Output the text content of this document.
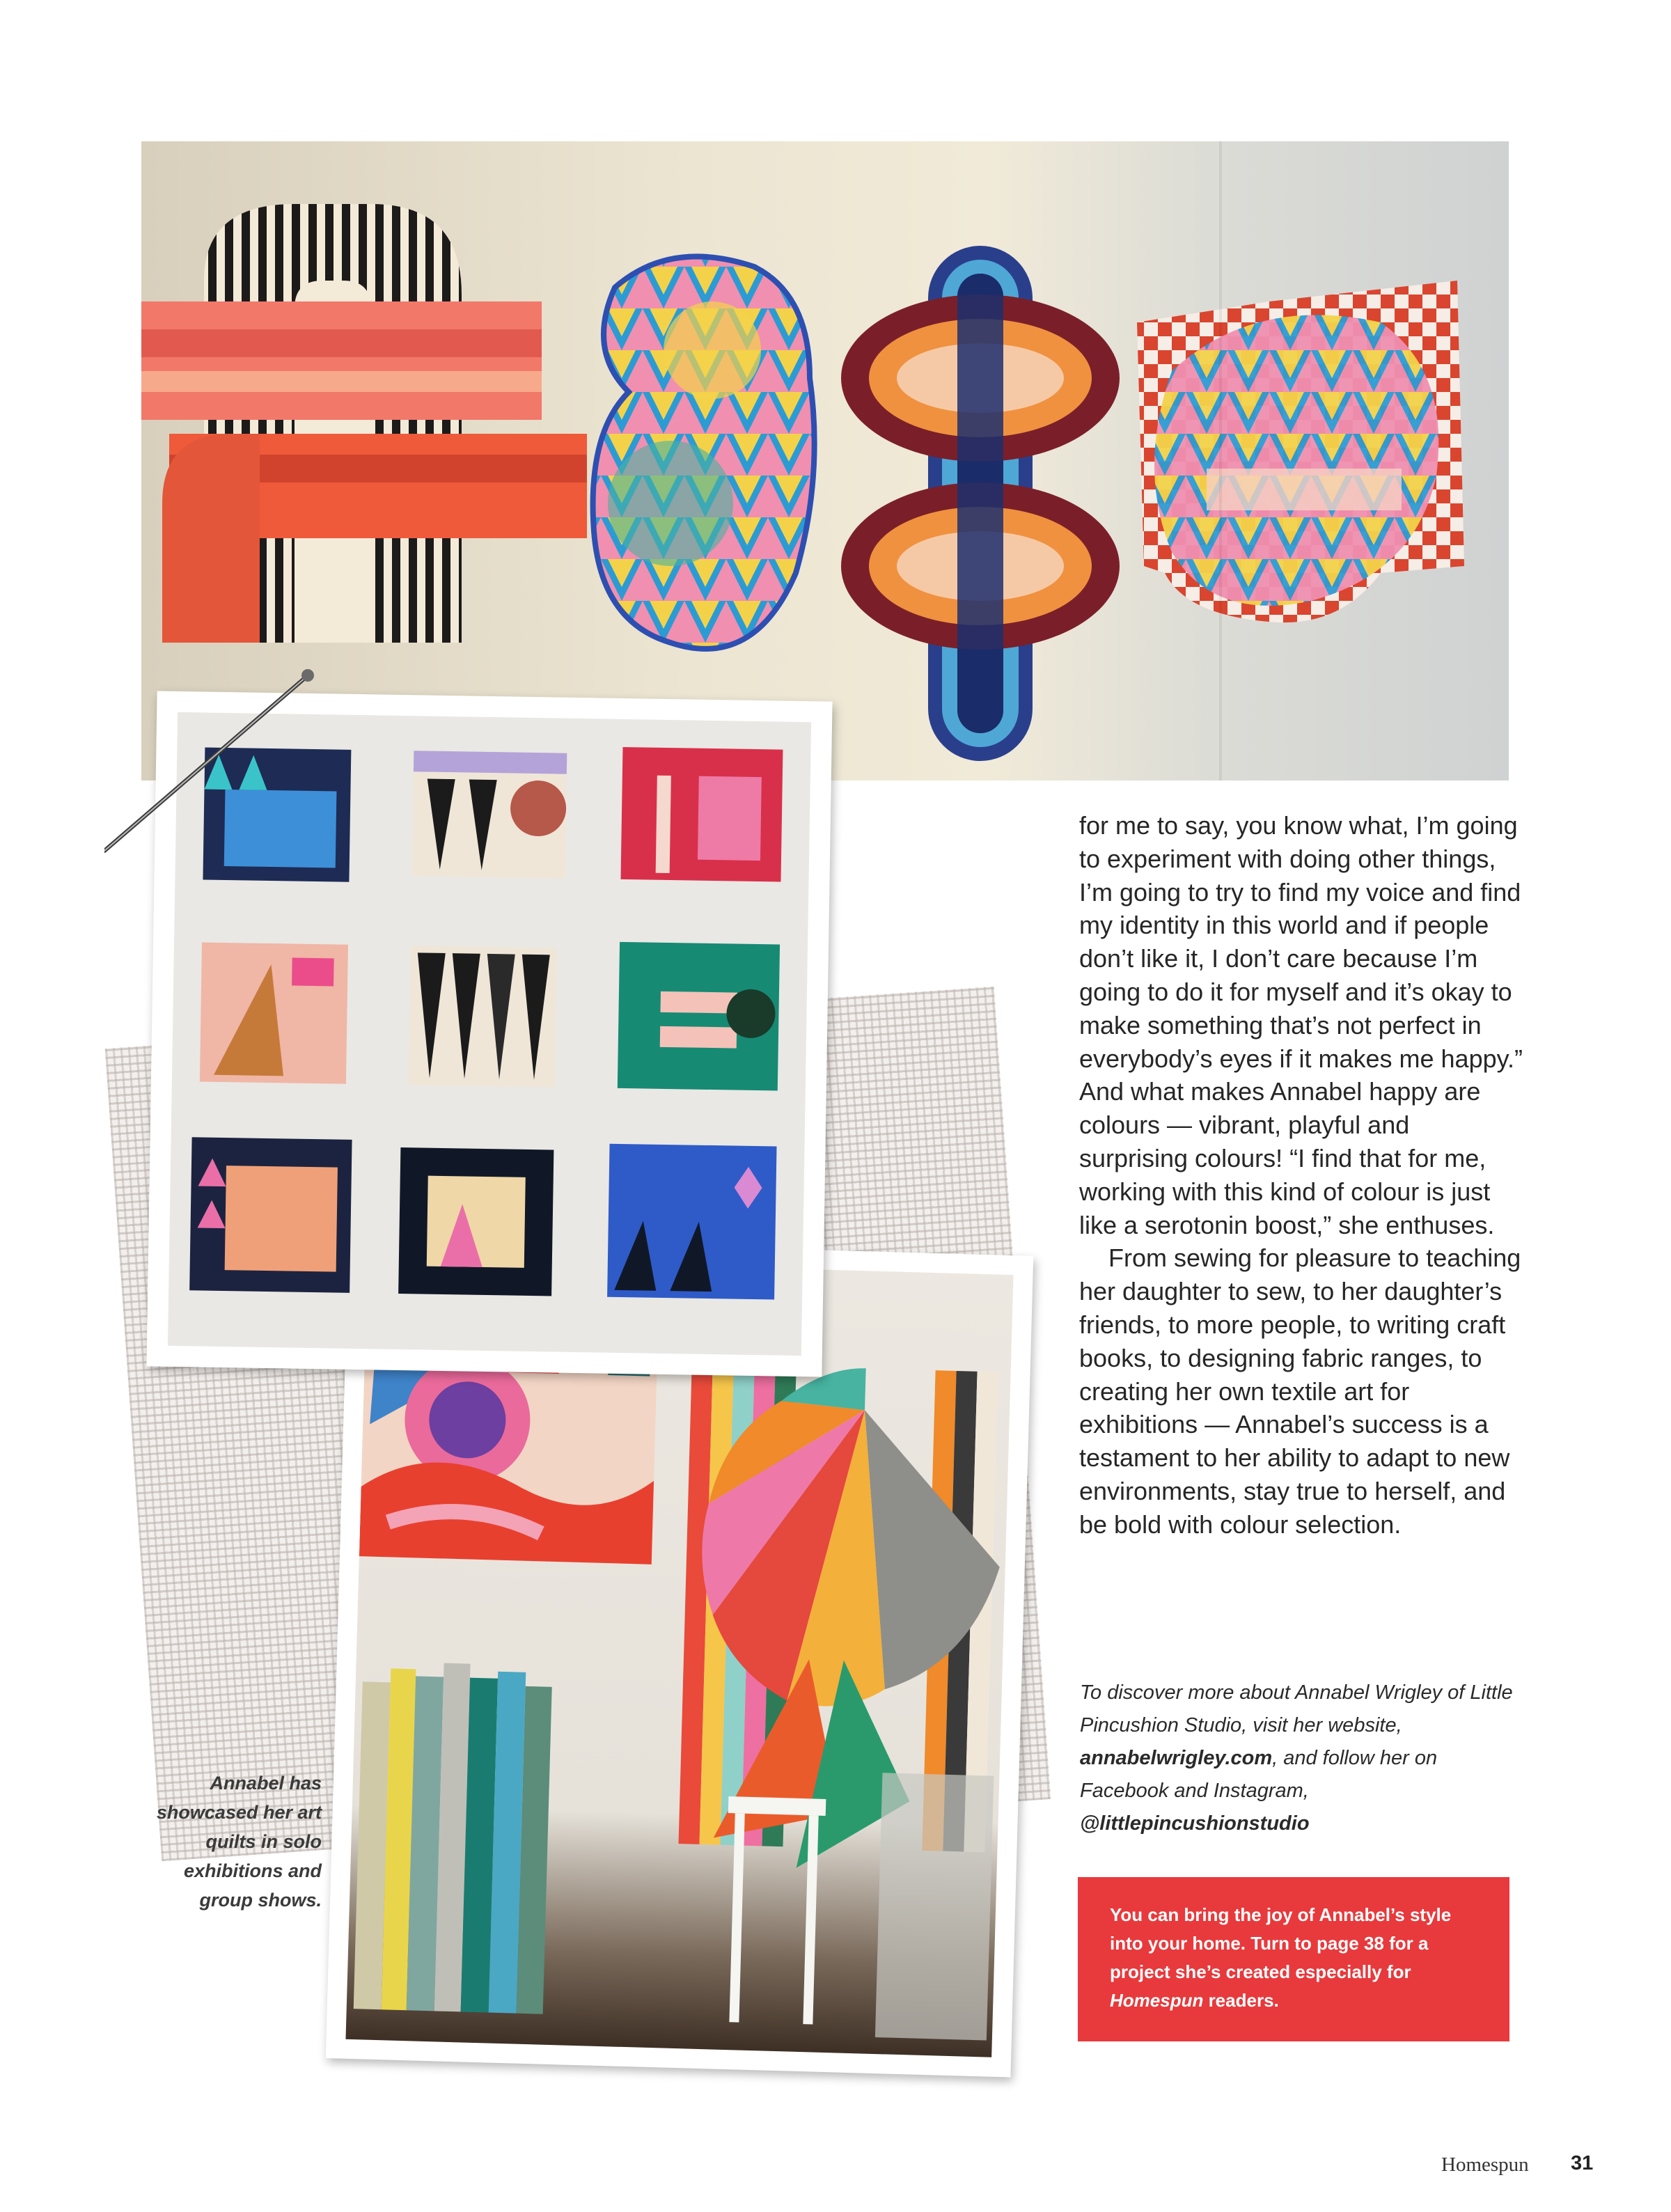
for me to say, you know what, I’m going to experiment with doing other things, I’m going to try to find my voice and find my identity in this world and if people don’t like it, I don’t care because I’m going to do it for myself and it’s okay to make something that’s not perfect in everybody’s eyes if it makes me happy.” And what makes Annabel happy are colours — vibrant, playful and surprising colours! “I find that for me, working with this kind of colour is just like a serotonin boost,” she enthuses.

From sewing for pleasure to teaching her daughter to sew, to her daughter’s friends, to more people, to writing craft books, to designing fabric ranges, to creating her own textile art for exhibitions — Annabel’s success is a testament to her ability to adapt to new environments, stay true to herself, and be bold with colour selection.

To discover more about Annabel Wrigley of Little Pincushion Studio, visit her website, annabelwrigley.com, and follow her on Facebook and Instagram, @littlepincushionstudio
Annabel has showcased her art quilts in solo exhibitions and group shows.
You can bring the joy of Annabel’s style into your home. Turn to page 38 for a project she’s created especially for Homespun readers.
Homespun 31
